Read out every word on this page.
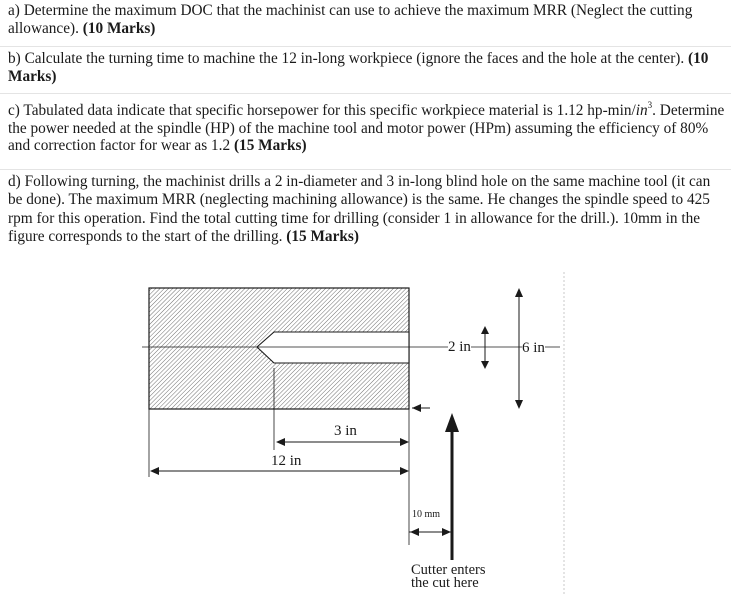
a) Determine the maximum DOC that the machinist can use to achieve the maximum MRR (Neglect the cutting allowance). (10 Marks)

b) Calculate the turning time to machine the 12 in-long workpiece (ignore the faces and the hole at the center). (10 Marks)

c) Tabulated data indicate that specific horsepower for this specific workpiece material is 1.12 $hp-\min/in^3$. Determine the power needed at the spindle (HP) of the machine tool and motor power (HPm) assuming the efficiency of 80% and correction factor for wear as 1.2 (15 Marks)

d) Following turning, the machinist drills a 2 in-diameter and 3 in-long blind hole on the same machine tool (it can be done). The maximum MRR (neglecting machining allowance) is the same. He changes the spindle speed to 425 rpm for this operation. Find the total cutting time for drilling (consider 1 in allowance for the drill.). 10mm in the figure corresponds to the start of the drilling. (15 Marks)

2 in	6 in
3 in
12 in
10 mm
Cutter enters
the cut here
